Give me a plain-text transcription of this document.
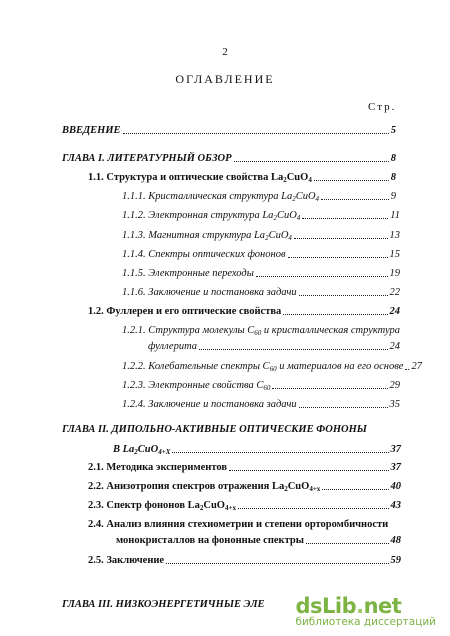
2
ОГЛАВЛЕНИЕ
Стр.
ВВЕДЕНИЕ	5
ГЛАВА I. ЛИТЕРАТУРНЫЙ ОБЗОР	8
1.1. Структура и оптические свойства $La_2CuO_4$	8
1.1.1. Кристаллическая структура $La_2CuO_4$	9
1.1.2. Электронная структура $La_2CuO_4$	11
1.1.3. Магнитная структура $La_2CuO_4$	13
1.1.4. Спектры оптических фононов	15
1.1.5. Электронные переходы	19
1.1.6. Заключение и постановка задачи	22
1.2. Фуллерен и его оптические свойства	24
1.2.1. Структура молекулы $С_{60}$ и кристаллическая структура
фуллерита	24
1.2.2. Колебательные спектры $С_{60}$ и материалов на его основе 27
1.2.3. Электронные свойства $С_{60}$	29
1.2.4. Заключение и постановка задачи	35
ГЛАВА II. ДИПОЛЬНО-АКТИВНЫЕ ОПТИЧЕСКИЕ ФОНОНЫ
В $La_2CuO_{4+X}$	37
2.1. Методика экспериментов	37
2.2. Анизотропия спектров отражения $La_2CuO_{4+x}$	40
2.3. Спектр фононов $La_2CuO_{4+x}$	43
2.4. Анализ влияния стехиометрии и степени орторомбичности
монокристаллов на фононные спектры	48
2.5. Заключение	59
ГЛАВА III. НИЗКОЭНЕРГЕТИЧНЫЕ ЭЛЕ dsLib.net
библиотека диссертаций
